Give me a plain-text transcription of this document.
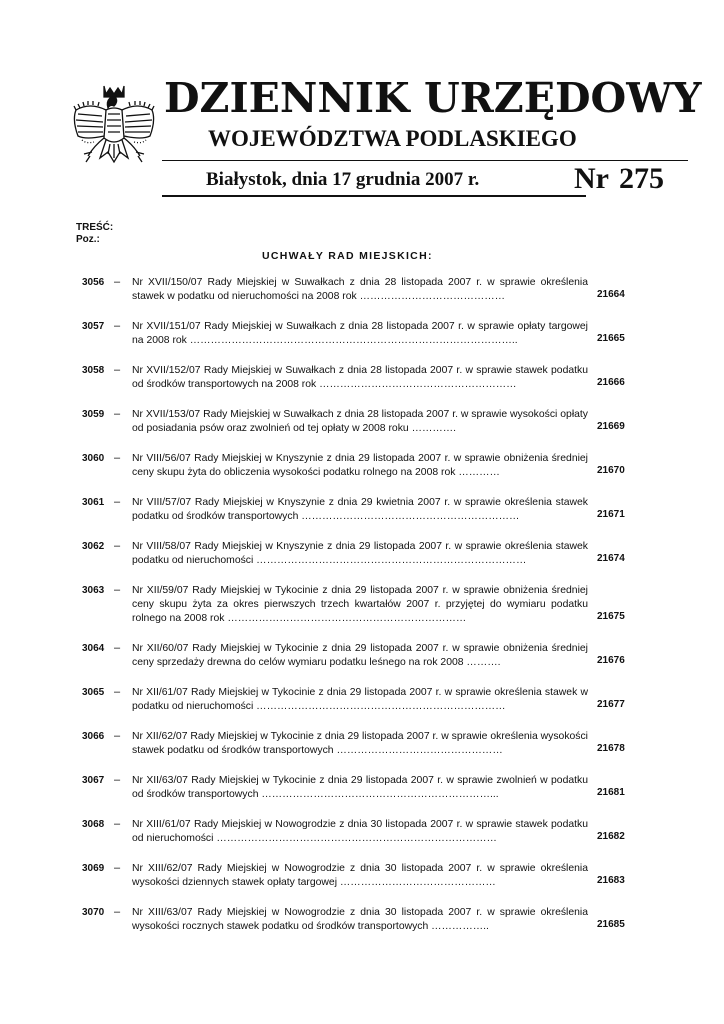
DZIENNIK URZĘDOWY
WOJEWÓDZTWA PODLASKIEGO
Białystok, dnia 17 grudnia 2007 r.	Nr 275
TREŚĆ:
Poz.:
UCHWAŁY RAD MIEJSKICH:
3056 – Nr XVII/150/07 Rady Miejskiej w Suwałkach z dnia 28 listopada 2007 r. w sprawie określenia stawek w podatku od nieruchomości na 2008 rok ……………………………………	21664
3057 – Nr XVII/151/07 Rady Miejskiej w Suwałkach z dnia 28 listopada 2007 r. w sprawie opłaty targowej na 2008 rok …………………………………………………………………………………..	21665
3058 – Nr XVII/152/07 Rady Miejskiej w Suwałkach z dnia 28 listopada 2007 r. w sprawie stawek podatku od środków transportowych na 2008 rok …………………………………………………	21666
3059 – Nr XVII/153/07 Rady Miejskiej w Suwałkach z dnia 28 listopada 2007 r. w sprawie wysokości opłaty od posiadania psów oraz zwolnień od tej opłaty w 2008 roku ………….	21669
3060 – Nr VIII/56/07 Rady Miejskiej w Knyszynie z dnia 29 listopada 2007 r. w sprawie obniżenia średniej ceny skupu żyta do obliczenia wysokości podatku rolnego na 2008 rok …………	21670
3061 – Nr VIII/57/07 Rady Miejskiej w Knyszynie z dnia 29 kwietnia 2007 r. w sprawie określenia stawek podatku od środków transportowych ………………………………………………………	21671
3062 – Nr VIII/58/07 Rady Miejskiej w Knyszynie z dnia 29 listopada 2007 r. w sprawie określenia stawek podatku od nieruchomości ……………………………………………………………………	21674
3063 – Nr XII/59/07 Rady Miejskiej w Tykocinie z dnia 29 listopada 2007 r. w sprawie obniżenia średniej ceny skupu żyta za okres pierwszych trzech kwartałów 2007 r. przyjętej do wymiaru podatku rolnego na 2008 rok ……………………………………………………………	21675
3064 – Nr XII/60/07 Rady Miejskiej w Tykocinie z dnia 29 listopada 2007 r. w sprawie obniżenia średniej ceny sprzedaży drewna do celów wymiaru podatku leśnego na rok 2008 ……….	21676
3065 – Nr XII/61/07 Rady Miejskiej w Tykocinie z dnia 29 listopada 2007 r. w sprawie określenia stawek w podatku od nieruchomości ………………………………………………………………	21677
3066 – Nr XII/62/07 Rady Miejskiej w Tykocinie z dnia 29 listopada 2007 r. w sprawie określenia wysokości stawek podatku od środków transportowych …………………………………………	21678
3067 – Nr XII/63/07 Rady Miejskiej w Tykocinie z dnia 29 listopada 2007 r. w sprawie zwolnień w podatku od środków transportowych …………………………………………………………...	21681
3068 – Nr XIII/61/07 Rady Miejskiej w Nowogrodzie z dnia 30 listopada 2007 r. w sprawie stawek podatku od nieruchomości ………………………………………………………………………	21682
3069 – Nr XIII/62/07 Rady Miejskiej w Nowogrodzie z dnia 30 listopada 2007 r. w sprawie określenia wysokości dziennych stawek opłaty targowej ………………………………………	21683
3070 – Nr XIII/63/07 Rady Miejskiej w Nowogrodzie z dnia 30 listopada 2007 r. w sprawie określenia wysokości rocznych stawek podatku od środków transportowych ……………..	21685
